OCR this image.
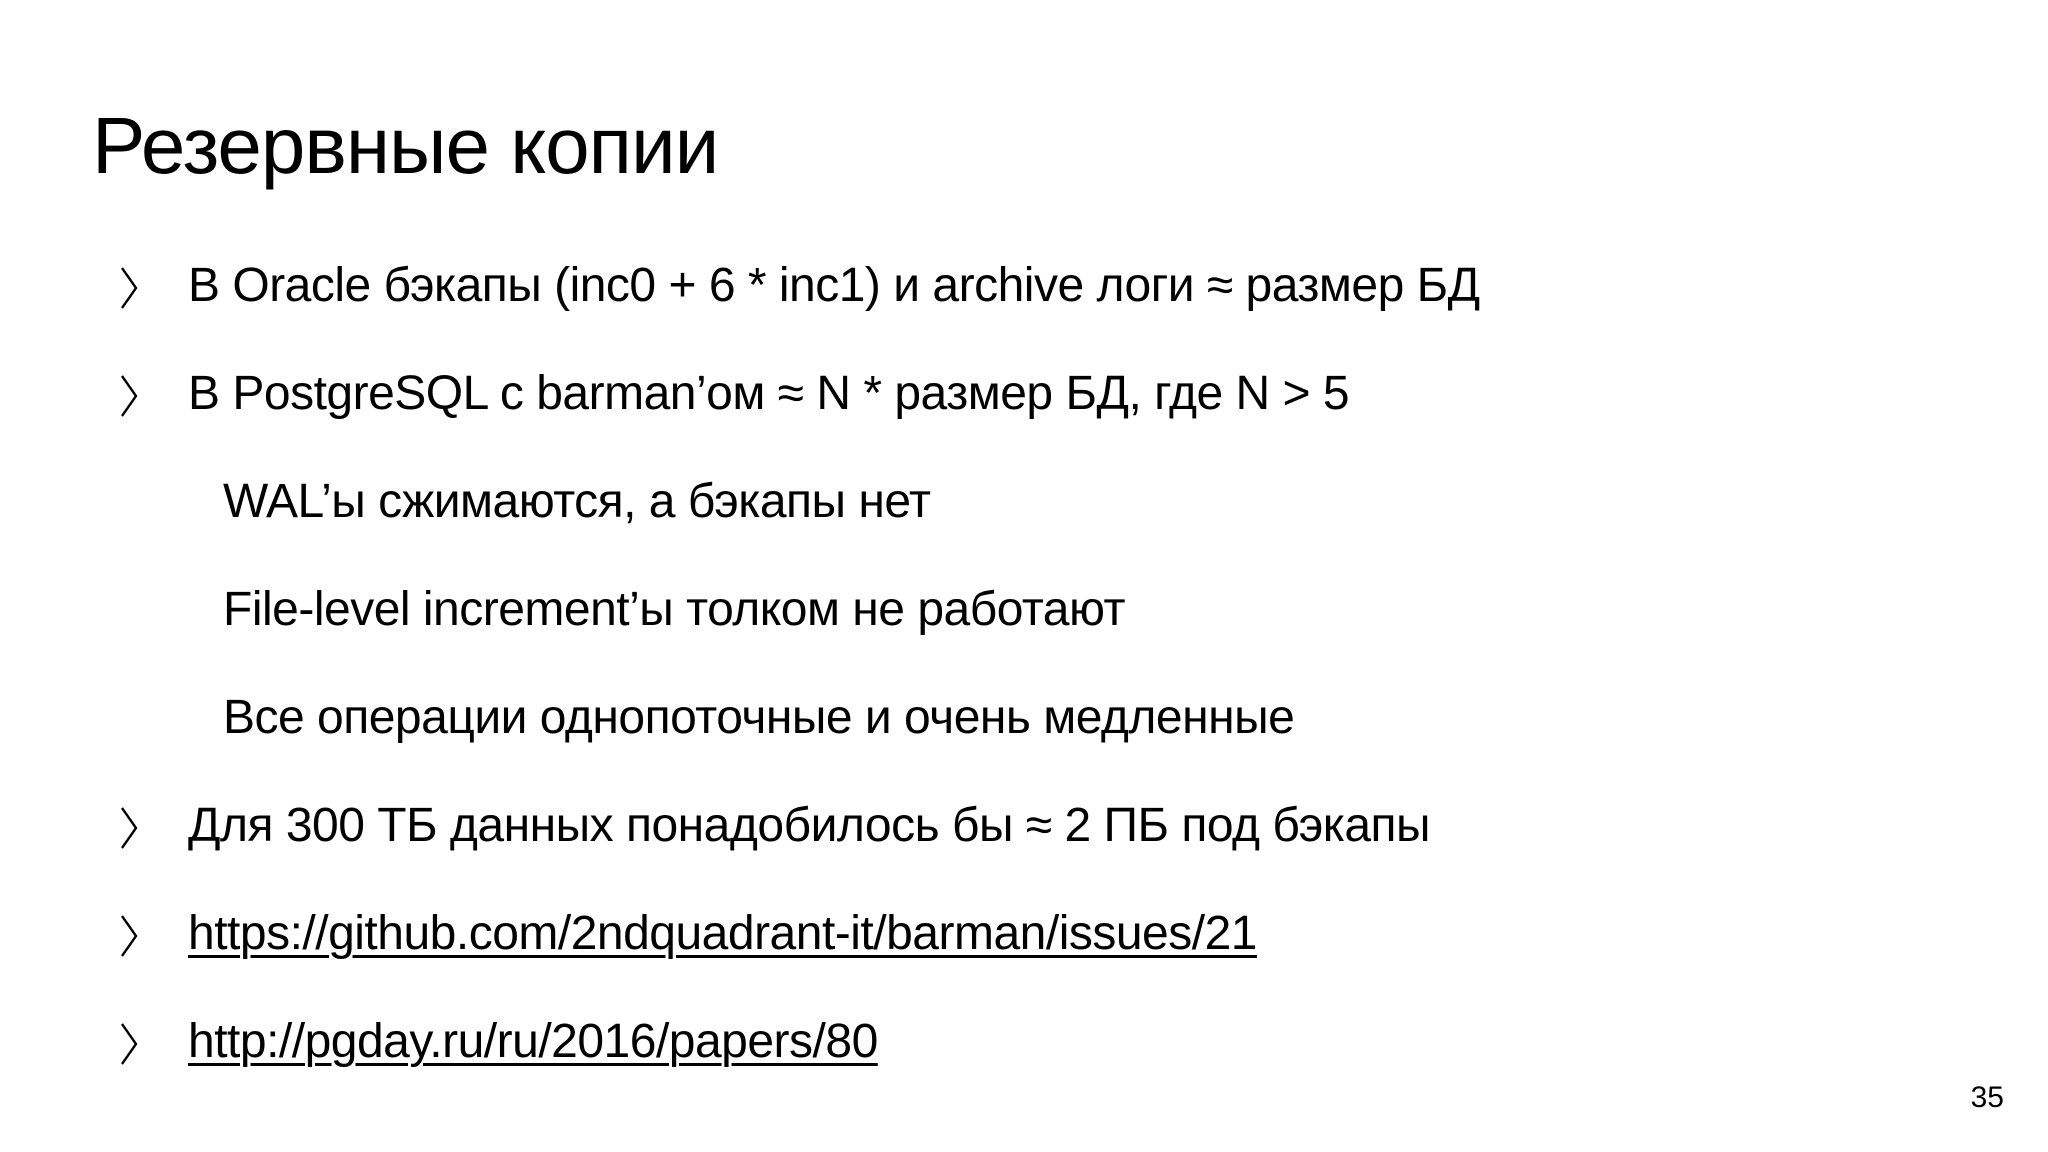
Резервные копии
В Oracle бэкапы (inc0 + 6 * inc1) и archive логи ≈ размер БД
В PostgreSQL с barman’ом ≈ N * размер БД, где N > 5
WAL’ы сжимаются, а бэкапы нет
File-level increment’ы толком не работают
Все операции однопоточные и очень медленные
Для 300 ТБ данных понадобилось бы ≈ 2 ПБ под бэкапы
https://github.com/2ndquadrant-it/barman/issues/21
http://pgday.ru/ru/2016/papers/80
35
